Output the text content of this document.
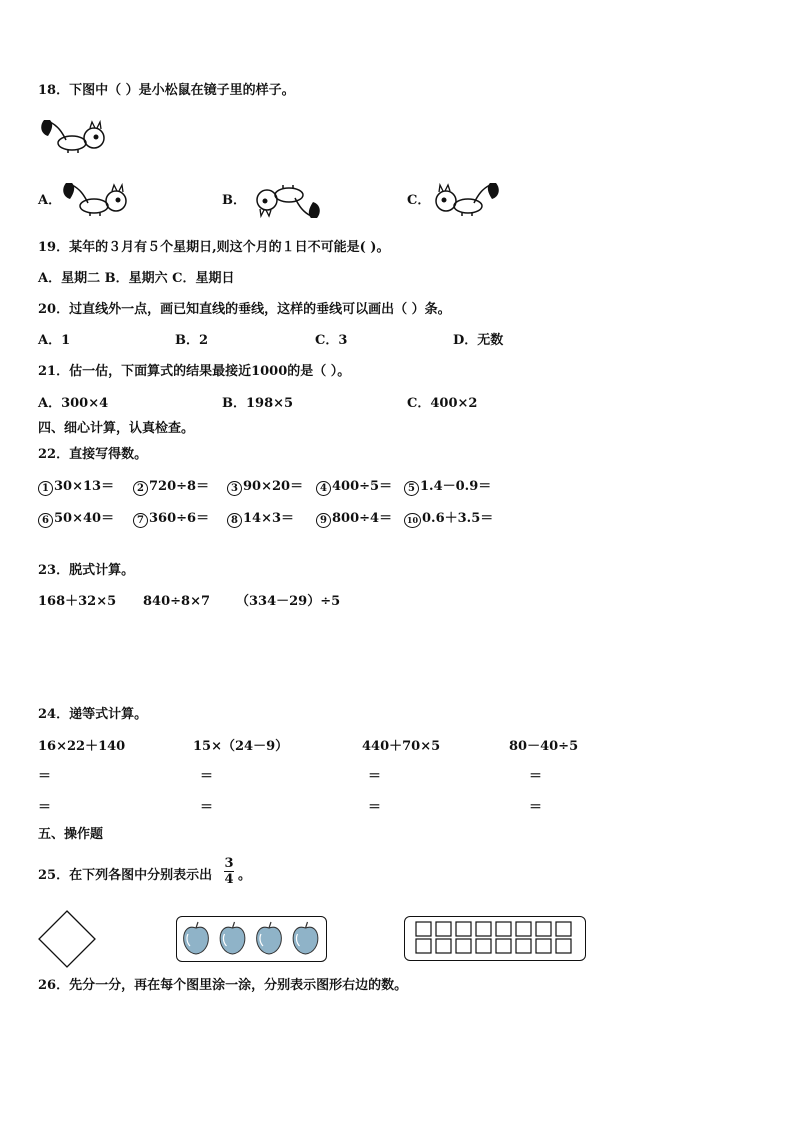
18．下图中（ ）是小松鼠在镜子里的样子。
A．	B．	C．
19．某年的３月有５个星期日,则这个月的１日不可能是( )。
A．星期二 B．星期六 C．星期日
20．过直线外一点，画已知直线的垂线，这样的垂线可以画出（ ）条。
A．1	B．2	C．3	D．无数
21．估一估，下面算式的结果最接近1000的是（ ）。
A．300×4	B．198×5	C．400×2
四、细心计算，认真检查。
22．直接写得数。
1 30×13＝	2 720÷8＝	3 90×20＝	4 400÷5＝	5 1.4－0.9＝
6 50×40＝	7 360÷6＝	8 14×3＝	9 800÷4＝	10 0.6＋3.5＝
23．脱式计算。
168＋32×5 840÷8×7 （334－29）÷5
24．递等式计算。
16×22＋140	15×（24－9）	440＋70×5	80－40÷5
＝	＝	＝	＝
＝	＝	＝	＝
五、操作题
25．在下列各图中分别表示出
3
4 。
26．先分一分，再在每个图里涂一涂，分别表示图形右边的数。
